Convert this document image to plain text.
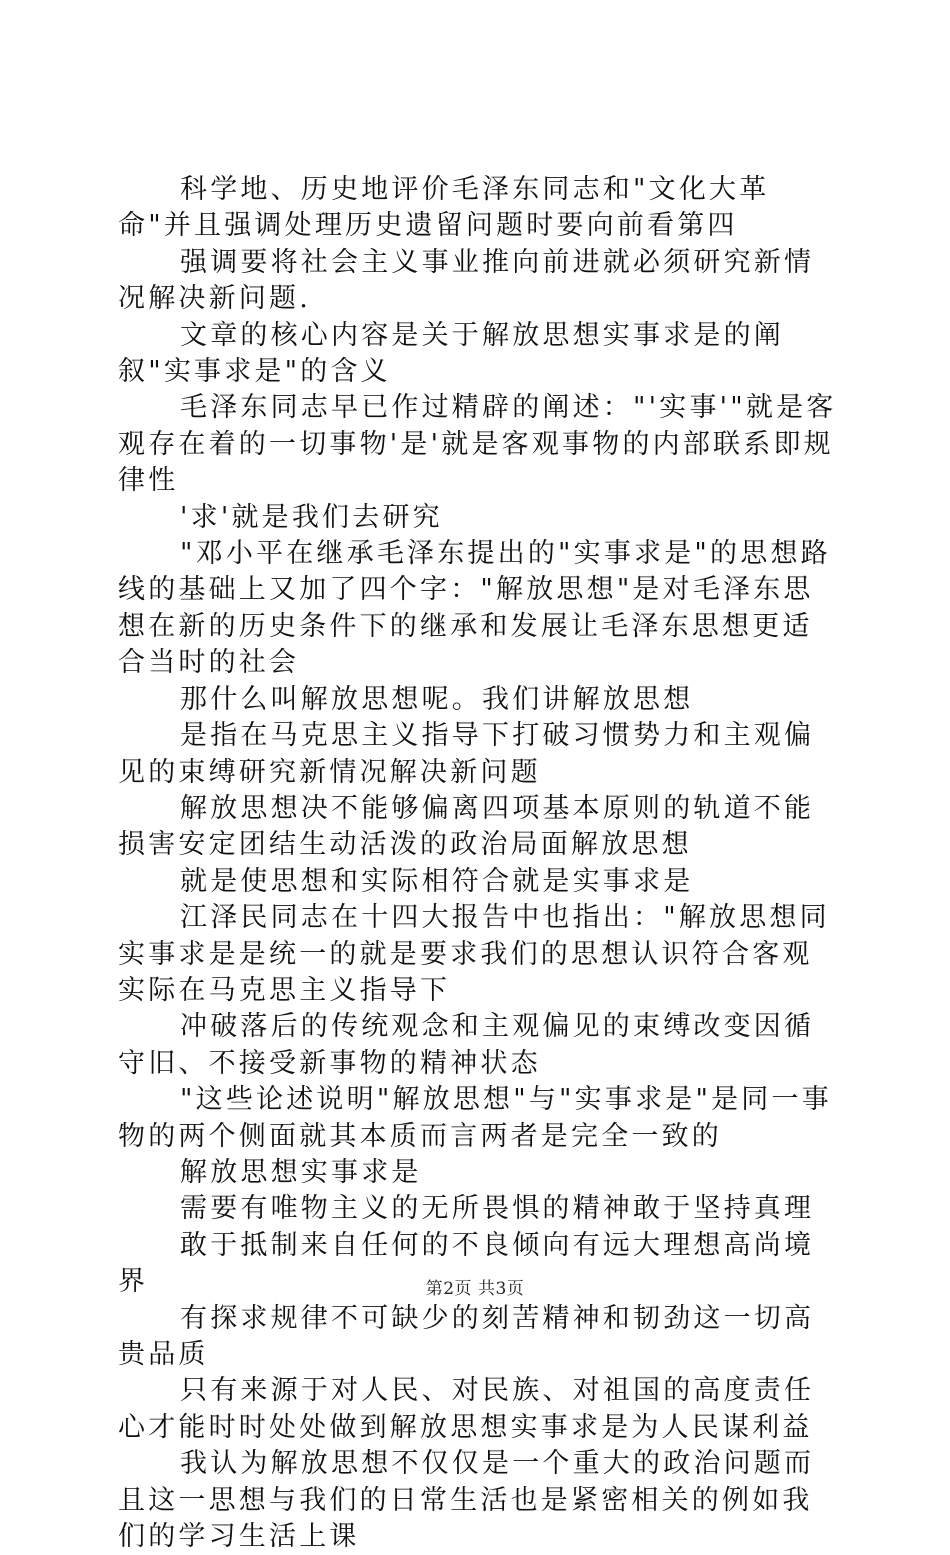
科学地、历史地评价毛泽东同志和"文化大革命"并且强调处理历史遗留问题时要向前看第四

强调要将社会主义事业推向前进就必须研究新情况解决新问题.

文章的核心内容是关于解放思想实事求是的阐叙"实事求是"的含义

毛泽东同志早已作过精辟的阐述："'实事'"就是客观存在着的一切事物'是'就是客观事物的内部联系即规律性

'求'就是我们去研究

"邓小平在继承毛泽东提出的"实事求是"的思想路线的基础上又加了四个字："解放思想"是对毛泽东思想在新的历史条件下的继承和发展让毛泽东思想更适合当时的社会

那什么叫解放思想呢。我们讲解放思想

是指在马克思主义指导下打破习惯势力和主观偏见的束缚研究新情况解决新问题

解放思想决不能够偏离四项基本原则的轨道不能损害安定团结生动活泼的政治局面解放思想

就是使思想和实际相符合就是实事求是

江泽民同志在十四大报告中也指出："解放思想同实事求是是统一的就是要求我们的思想认识符合客观实际在马克思主义指导下

冲破落后的传统观念和主观偏见的束缚改变因循守旧、不接受新事物的精神状态

"这些论述说明"解放思想"与"实事求是"是同一事物的两个侧面就其本质而言两者是完全一致的

解放思想实事求是

需要有唯物主义的无所畏惧的精神敢于坚持真理

敢于抵制来自任何的不良倾向有远大理想高尚境界

有探求规律不可缺少的刻苦精神和韧劲这一切高贵品质

只有来源于对人民、对民族、对祖国的高度责任心才能时时处处做到解放思想实事求是为人民谋利益

我认为解放思想不仅仅是一个重大的政治问题而且这一思想与我们的日常生活也是紧密相关的例如我们的学习生活上课

第2页 共3页
